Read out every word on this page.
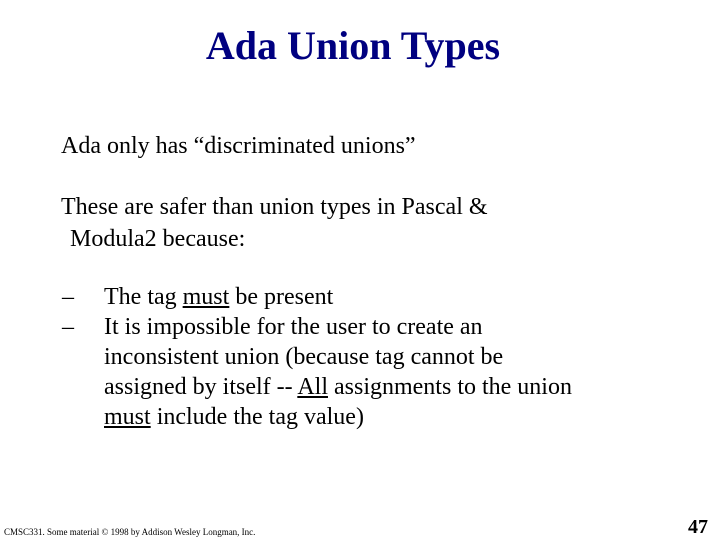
Ada Union Types
Ada only has “discriminated unions”
These are safer than union types in Pascal &
Modula2 because:
–	The tag must be present
–	It is impossible for the user to create an
inconsistent union (because tag cannot be
assigned by itself -- All assignments to the union
must include the tag value)
CMSC331. Some material © 1998 by Addison Wesley Longman, Inc.	47
